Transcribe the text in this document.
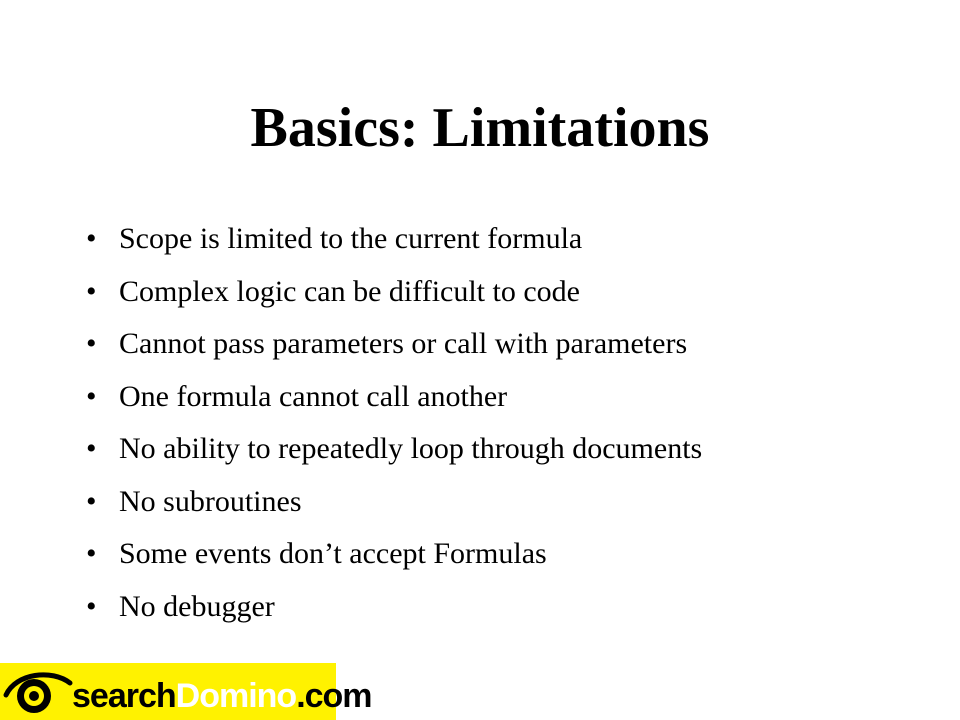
Basics: Limitations
• Scope is limited to the current formula
• Complex logic can be difficult to code
• Cannot pass parameters or call with parameters
• One formula cannot call another
• No ability to repeatedly loop through documents
• No subroutines
• Some events don’t accept Formulas
• No debugger
searchDomino.com
